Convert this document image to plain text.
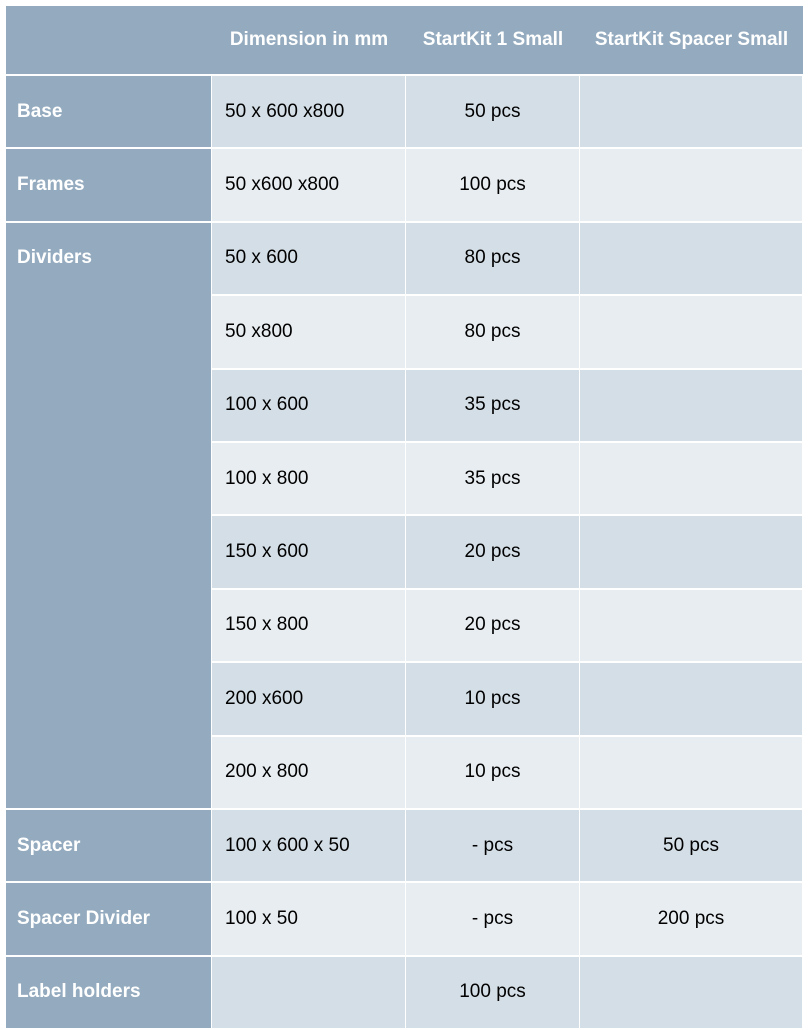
	Dimension in mm	StartKit 1 Small	StartKit Spacer Small
Base	50 x 600 x800	50 pcs	
Frames	50 x600 x800	100 pcs	
Dividers	50 x 600	80 pcs	
	50 x800	80 pcs	
	100 x 600	35 pcs	
	100 x 800	35 pcs	
	150 x 600	20 pcs	
	150 x 800	20 pcs	
	200 x600	10 pcs	
	200 x 800	10 pcs	
Spacer	100 x 600 x 50	- pcs	50 pcs
Spacer Divider	100 x 50	- pcs	200 pcs
Label holders		100 pcs	
